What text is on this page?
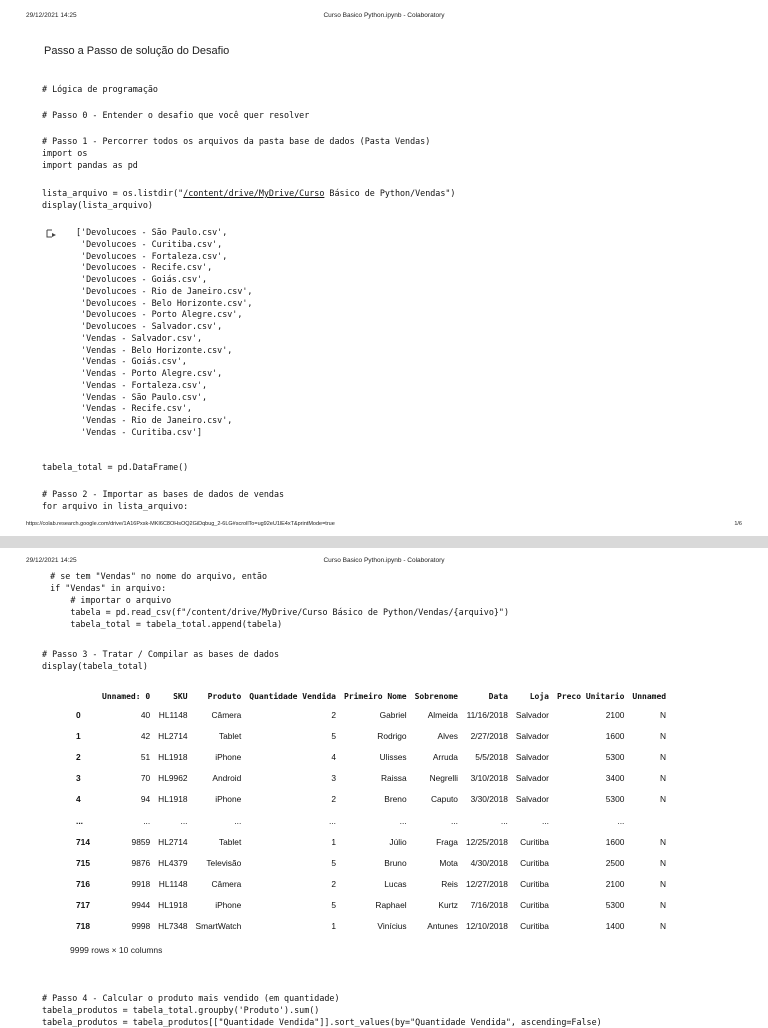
29/12/2021 14:25	Curso Basico Python.ipynb - Colaboratory
Passo a Passo de solução do Desafio
# Lógica de programação
# Passo 0 - Entender o desafio que você quer resolver
# Passo 1 - Percorrer todos os arquivos da pasta base de dados (Pasta Vendas)
import os
import pandas as pd
lista_arquivo = os.listdir("/content/drive/MyDrive/Curso Básico de Python/Vendas")
display(lista_arquivo)
['Devolucoes - São Paulo.csv',
'Devolucoes - Curitiba.csv',
'Devolucoes - Fortaleza.csv',
'Devolucoes - Recife.csv',
'Devolucoes - Goiás.csv',
'Devolucoes - Rio de Janeiro.csv',
'Devolucoes - Belo Horizonte.csv',
'Devolucoes - Porto Alegre.csv',
'Devolucoes - Salvador.csv',
'Vendas - Salvador.csv',
'Vendas - Belo Horizonte.csv',
'Vendas - Goiás.csv',
'Vendas - Porto Alegre.csv',
'Vendas - Fortaleza.csv',
'Vendas - São Paulo.csv',
'Vendas - Recife.csv',
'Vendas - Rio de Janeiro.csv',
'Vendas - Curitiba.csv']
tabela_total = pd.DataFrame()
# Passo 2 - Importar as bases de dados de vendas
for arquivo in lista_arquivo:
https://colab.research.google.com/drive/1A16Pxsk-MKI6C8OHsOQ2GiDqbug_2-6LG#scrollTo=ug92eU1lE4xT&printMode=true	1/6
29/12/2021 14:25	Curso Basico Python.ipynb - Colaboratory
# se tem "Vendas" no nome do arquivo, então
if "Vendas" in arquivo:
# importar o arquivo
tabela = pd.read_csv(f"/content/drive/MyDrive/Curso Básico de Python/Vendas/{arquivo}")
tabela_total = tabela_total.append(tabela)
# Passo 3 - Tratar / Compilar as bases de dados
display(tabela_total)
	Unnamed: 0	SKU	Produto	Quantidade Vendida	Primeiro Nome	Sobrenome	Data	Loja	Preco Unitario	Unnamed
0	40	HL1148	Câmera	2	Gabriel	Almeida	11/16/2018	Salvador	2100	N
1	42	HL2714	Tablet	5	Rodrigo	Alves	2/27/2018	Salvador	1600	N
2	51	HL1918	iPhone	4	Ulisses	Arruda	5/5/2018	Salvador	5300	N
3	70	HL9962	Android	3	Raissa	Negrelli	3/10/2018	Salvador	3400	N
4	94	HL1918	iPhone	2	Breno	Caputo	3/30/2018	Salvador	5300	N
...	...	...	...	...	...	...	...	...	...	
714	9859	HL2714	Tablet	1	Júlio	Fraga	12/25/2018	Curitiba	1600	N
715	9876	HL4379	Televisão	5	Bruno	Mota	4/30/2018	Curitiba	2500	N
716	9918	HL1148	Câmera	2	Lucas	Reis	12/27/2018	Curitiba	2100	N
717	9944	HL1918	iPhone	5	Raphael	Kurtz	7/16/2018	Curitiba	5300	N
718	9998	HL7348	SmartWatch	1	Vinícius	Antunes	12/10/2018	Curitiba	1400	N
9999 rows × 10 columns
# Passo 4 - Calcular o produto mais vendido (em quantidade)
tabela_produtos = tabela_total.groupby('Produto').sum()
tabela_produtos = tabela_produtos[["Quantidade Vendida"]].sort_values(by="Quantidade Vendida", ascending=False)
